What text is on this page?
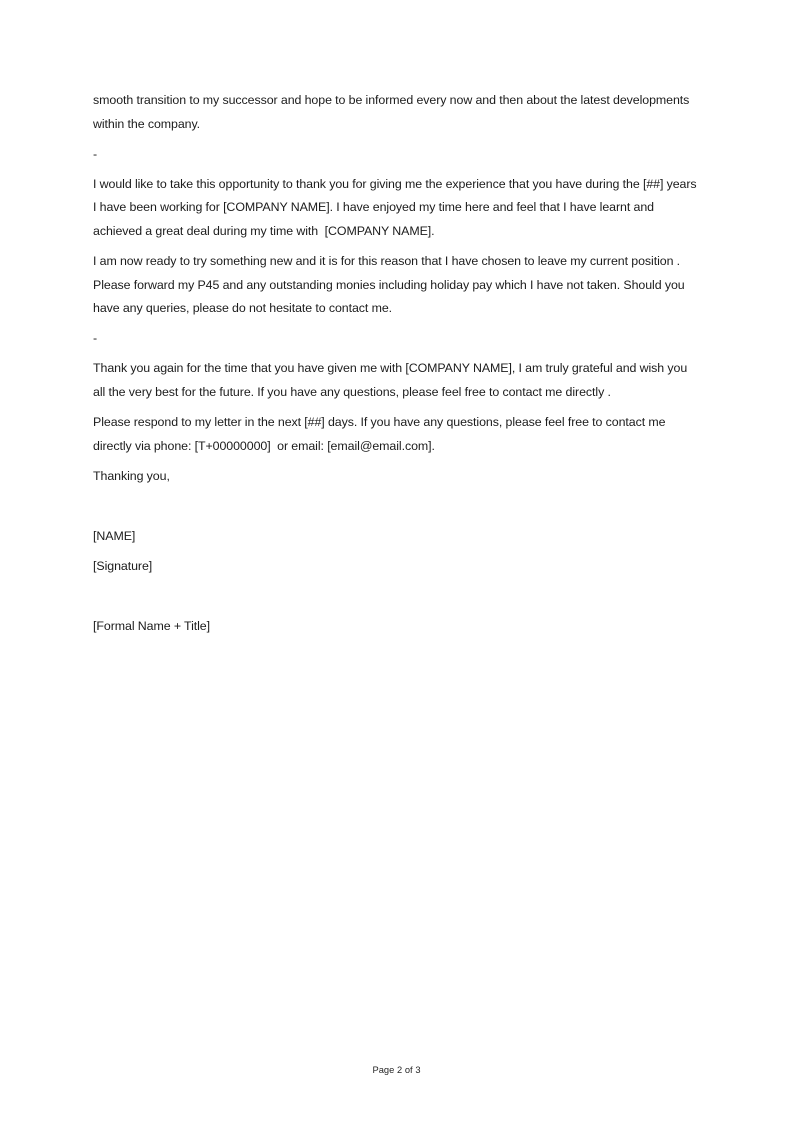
smooth transition to my successor and hope to be informed every now and then about the latest developments within the company.

-

I would like to take this opportunity to thank you for giving me the experience that you have during the [##] years I have been working for [COMPANY NAME]. I have enjoyed my time here and feel that I have learnt and achieved a great deal during my time with  [COMPANY NAME].

I am now ready to try something new and it is for this reason that I have chosen to leave my current position . Please forward my P45 and any outstanding monies including holiday pay which I have not taken. Should you have any queries, please do not hesitate to contact me.

-

Thank you again for the time that you have given me with [COMPANY NAME], I am truly grateful and wish you all the very best for the future. If you have any questions, please feel free to contact me directly .

Please respond to my letter in the next [##] days. If you have any questions, please feel free to contact me directly via phone: [T+00000000]  or email: [email@email.com].

Thanking you,

[NAME]

[Signature]

[Formal Name + Title]

Page 2 of 3
